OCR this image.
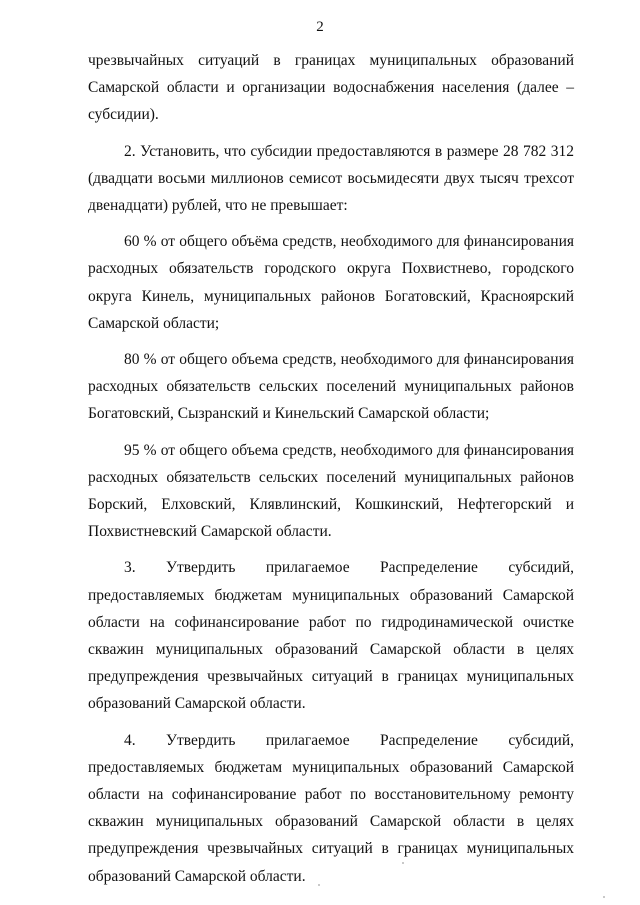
2

чрезвычайных ситуаций в границах муниципальных образований Самарской области и организации водоснабжения населения (далее – субсидии).

2. Установить, что субсидии предоставляются в размере 28 782 312 (двадцати восьми миллионов семисот восьмидесяти двух тысяч трехсот двенадцати) рублей, что не превышает:

60 % от общего объёма средств, необходимого для финансирования расходных обязательств городского округа Похвистнево, городского округа Кинель, муниципальных районов Богатовский, Красноярский Самарской области;

80 % от общего объема средств, необходимого для финансирования расходных обязательств сельских поселений муниципальных районов Богатовский, Сызранский и Кинельский Самарской области;

95 % от общего объема средств, необходимого для финансирования расходных обязательств сельских поселений муниципальных районов Борский, Елховский, Клявлинский, Кошкинский, Нефтегорский и Похвистневский Самарской области.

3. Утвердить прилагаемое Распределение субсидий, предоставляемых бюджетам муниципальных образований Самарской области на софинансирование работ по гидродинамической очистке скважин муниципальных образований Самарской области в целях предупреждения чрезвычайных ситуаций в границах муниципальных образований Самарской области.

4. Утвердить прилагаемое Распределение субсидий, предоставляемых бюджетам муниципальных образований Самарской области на софинансирование работ по восстановительному ремонту скважин муниципальных образований Самарской области в целях предупреждения чрезвычайных ситуаций в границах муниципальных образований Самарской области.
